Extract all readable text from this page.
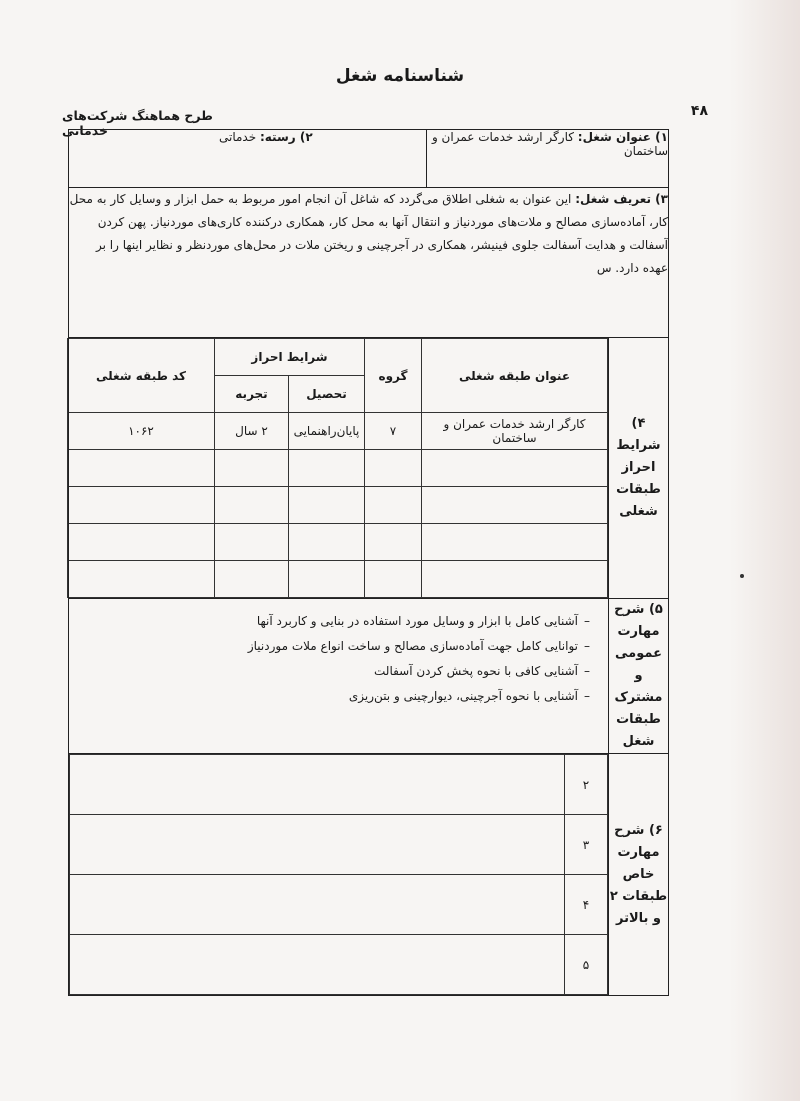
شناسنامه شغل
۴۸
طرح هماهنگ شرکت‌های خدماتی	۱) عنوان شغل: کارگر ارشد خدمات عمران و ساختمان	۲) رسته: خدماتی
۳) تعریف شغل: این عنوان به شغلی اطلاق می‌گردد که شاغل آن انجام امور مربوط به حمل ابزار و وسایل کار به محل کار، آماده‌سازی مصالح و ملات‌های موردنیاز و انتقال آنها به محل کار، همکاری درکننده کاری‌های موردنیاز. پهن کردن آسفالت و هدایت آسفالت جلوی فینیشر، همکاری در آجرچینی و ریختن ملات در محل‌های موردنظر و نظایر اینها را بر عهده دارد. س

۴) شرایط احراز طبقات شغلی

عنوان طبقه شغلی	گروه	شرایط احراز	کد طبقه شغلی
تحصیل	تجربه
کارگر ارشد خدمات عمران و ساختمان	۷	پایان‌راهنمایی	۲ سال	۱۰۶۲

۵) شرح مهارت عمومی و مشترک طبقات شغل

–آشنایی کامل با ابزار و وسایل مورد استفاده در بنایی و کاربرد آنها
–توانایی کامل جهت آماده‌سازی مصالح و ساخت انواع ملات موردنیاز
–آشنایی کافی با نحوه پخش کردن آسفالت
–آشنایی با نحوه آجرچینی، دیوارچینی و بتن‌ریزی

۶) شرح مهارت خاص طبقات ۲ و بالاتر

۲	
۳	
۴	
۵	
